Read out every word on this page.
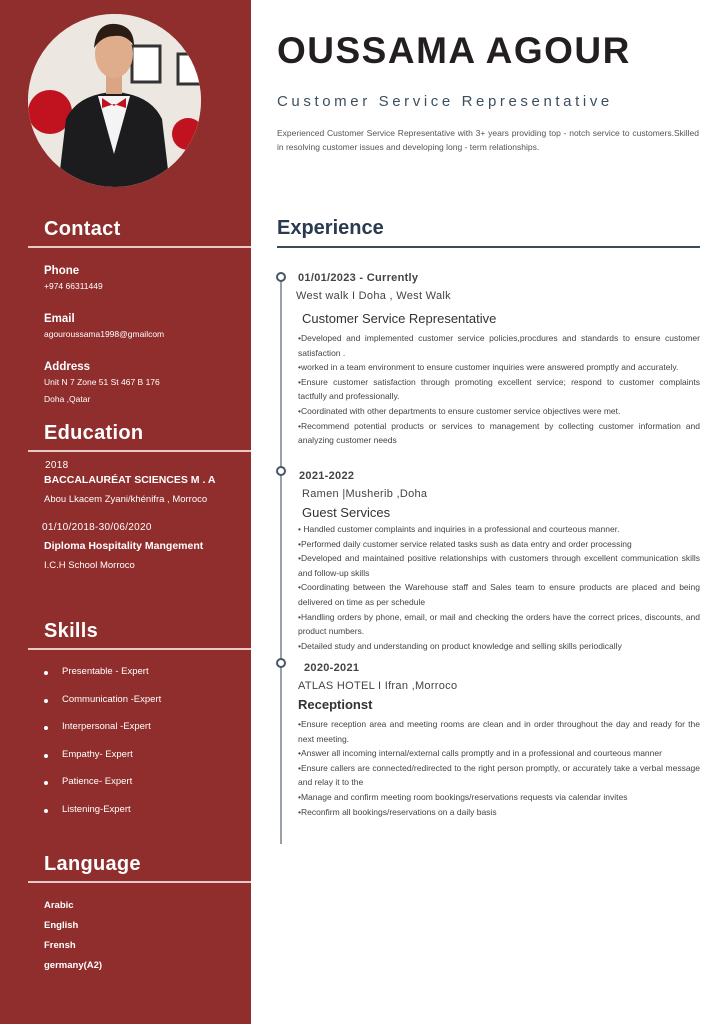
Contact
Phone
+974 66311449
Email
agouroussama1998@gmailcom
Address
Unit N 7 Zone 51 St 467 B 176
Doha ,Qatar
Education
2018
BACCALAURÉAT SCIENCES M . A
Abou Lkacem Zyani/khénifra , Morroco
01/10/2018-30/06/2020
Diploma Hospitality Mangement
I.C.H School Morroco
Skills
Presentable - Expert
Communication -Expert
Interpersonal -Expert
Empathy- Expert
Patience- Expert
Listening-Expert
Language
Arabic
English
Frensh
germany(A2)
OUSSAMA AGOUR
Customer Service Representative
Experienced Customer Service Representative with 3+ years providing top - notch service to customers.Skilled in resolving customer issues and developing long - term relationships.
Experience
01/01/2023 - Currently
West walk I Doha , West Walk
Customer Service Representative
•Developed and implemented customer service policies,procdures and standards to ensure customer satisfaction .
•worked in a team environment to ensure customer inquiries were answered promptly and accurately.
•Ensure customer satisfaction through promoting excellent service; respond to customer complaints tactfully and professionally.
•Coordinated with other departments to ensure customer service objectives were met.
•Recommend potential products or services to management by collecting customer information and analyzing customer needs
2021-2022
Ramen |Musherib ,Doha
Guest Services
• Handled customer complaints and inquiries in a professional and courteous manner.
•Performed daily customer service related tasks sush as data entry and order processing
•Developed and maintained positive relationships with customers through excellent communication skills and follow-up skills
•Coordinating between the Warehouse staff and Sales team to ensure products are placed and being delivered on time as per schedule
•Handling orders by phone, email, or mail and checking the orders have the correct prices, discounts, and product numbers.
•Detailed study and understanding on product knowledge and selling skills periodically
2020-2021
ATLAS HOTEL I Ifran ,Morroco
Receptionst
•Ensure reception area and meeting rooms are clean and in order throughout the day and ready for the next meeting.
•Answer all incoming internal/external calls promptly and in a professional and courteous manner
•Ensure callers are connected/redirected to the right person promptly, or accurately take a verbal message and relay it to the
•Manage and confirm meeting room bookings/reservations requests via calendar invites
•Reconfirm all bookings/reservations on a daily basis
